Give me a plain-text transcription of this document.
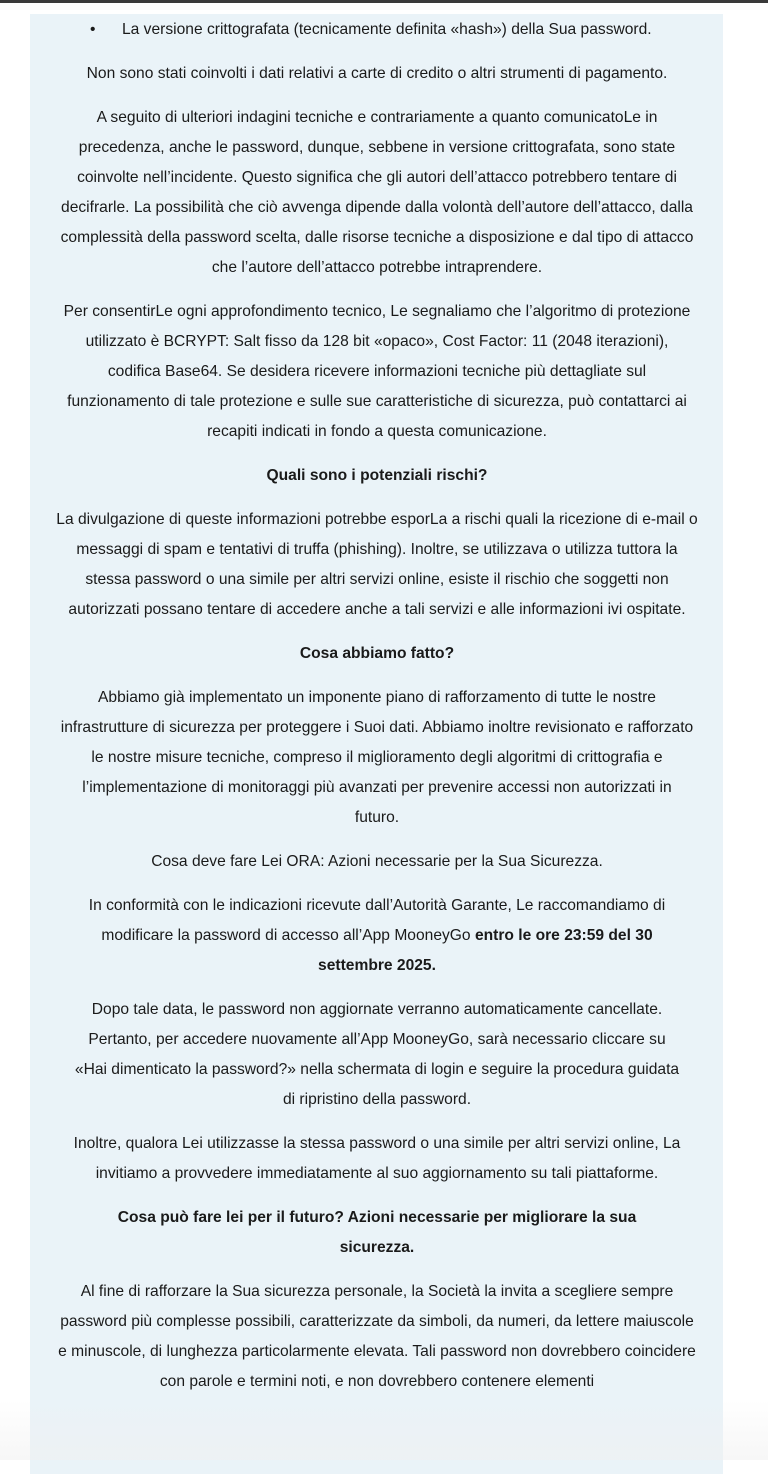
• La versione crittografata (tecnicamente definita «hash») della Sua password.

Non sono stati coinvolti i dati relativi a carte di credito o altri strumenti di pagamento.

A seguito di ulteriori indagini tecniche e contrariamente a quanto comunicatoLe in precedenza, anche le password, dunque, sebbene in versione crittografata, sono state coinvolte nell’incidente. Questo significa che gli autori dell’attacco potrebbero tentare di decifrarle. La possibilità che ciò avvenga dipende dalla volontà dell’autore dell’attacco, dalla complessità della password scelta, dalle risorse tecniche a disposizione e dal tipo di attacco che l’autore dell’attacco potrebbe intraprendere.

Per consentirLe ogni approfondimento tecnico, Le segnaliamo che l’algoritmo di protezione utilizzato è BCRYPT: Salt fisso da 128 bit «opaco», Cost Factor: 11 (2048 iterazioni), codifica Base64. Se desidera ricevere informazioni tecniche più dettagliate sul funzionamento di tale protezione e sulle sue caratteristiche di sicurezza, può contattarci ai recapiti indicati in fondo a questa comunicazione.

Quali sono i potenziali rischi?

La divulgazione di queste informazioni potrebbe esporLa a rischi quali la ricezione di e-mail o messaggi di spam e tentativi di truffa (phishing). Inoltre, se utilizzava o utilizza tuttora la stessa password o una simile per altri servizi online, esiste il rischio che soggetti non autorizzati possano tentare di accedere anche a tali servizi e alle informazioni ivi ospitate.

Cosa abbiamo fatto?

Abbiamo già implementato un imponente piano di rafforzamento di tutte le nostre infrastrutture di sicurezza per proteggere i Suoi dati. Abbiamo inoltre revisionato e rafforzato le nostre misure tecniche, compreso il miglioramento degli algoritmi di crittografia e l’implementazione di monitoraggi più avanzati per prevenire accessi non autorizzati in futuro.

Cosa deve fare Lei ORA: Azioni necessarie per la Sua Sicurezza.

In conformità con le indicazioni ricevute dall’Autorità Garante, Le raccomandiamo di modificare la password di accesso all’App MooneyGo entro le ore 23:59 del 30 settembre 2025.

Dopo tale data, le password non aggiornate verranno automaticamente cancellate. Pertanto, per accedere nuovamente all’App MooneyGo, sarà necessario cliccare su «Hai dimenticato la password?» nella schermata di login e seguire la procedura guidata di ripristino della password.

Inoltre, qualora Lei utilizzasse la stessa password o una simile per altri servizi online, La invitiamo a provvedere immediatamente al suo aggiornamento su tali piattaforme.

Cosa può fare lei per il futuro? Azioni necessarie per migliorare la sua sicurezza.

Al fine di rafforzare la Sua sicurezza personale, la Società la invita a scegliere sempre password più complesse possibili, caratterizzate da simboli, da numeri, da lettere maiuscole e minuscole, di lunghezza particolarmente elevata. Tali password non dovrebbero coincidere con parole e termini noti, e non dovrebbero contenere elementi
